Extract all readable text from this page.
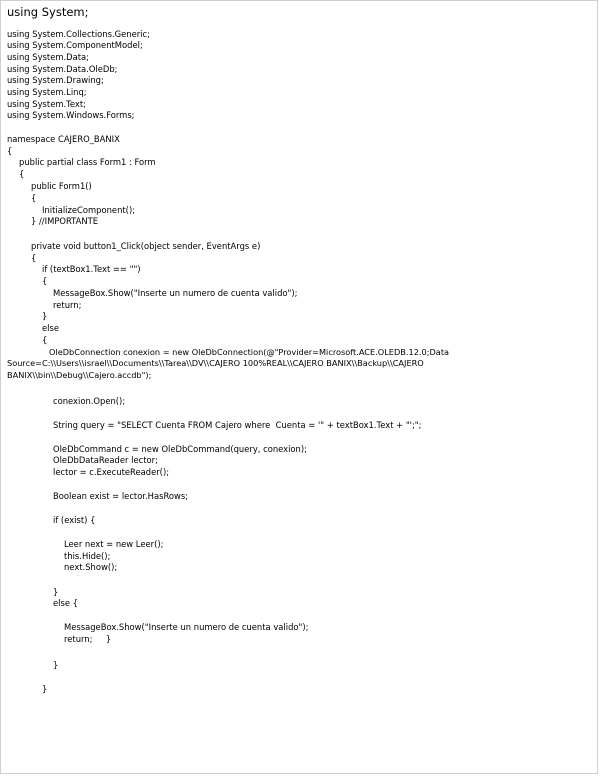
using System;
using System.Collections.Generic;
using System.ComponentModel;
using System.Data;
using System.Data.OleDb;
using System.Drawing;
using System.Linq;
using System.Text;
using System.Windows.Forms;
namespace CAJERO_BANIX
{
public partial class Form1 : Form
{
public Form1()
{
InitializeComponent();
} //IMPORTANTE
private void button1_Click(object sender, EventArgs e)
{
if (textBox1.Text == "")
{
MessageBox.Show("Inserte un numero de cuenta valido");
return;
}
else
{
OleDbConnection conexion = new OleDbConnection(@"Provider=Microsoft.ACE.OLEDB.12.0;Data
Source=C:\\Users\\israel\\Documents\\Tarea\\DV\\CAJERO 100%REAL\\CAJERO BANIX\\Backup\\CAJERO
BANIX\\bin\\Debug\\Cajero.accdb");
conexion.Open();
String query = "SELECT Cuenta FROM Cajero where  Cuenta = '" + textBox1.Text + "';";
OleDbCommand c = new OleDbCommand(query, conexion);
OleDbDataReader lector;
lector = c.ExecuteReader();
Boolean exist = lector.HasRows;
if (exist) {
Leer next = new Leer();
this.Hide();
next.Show();
}
else {
MessageBox.Show("Inserte un numero de cuenta valido");
return;     }
}
}
